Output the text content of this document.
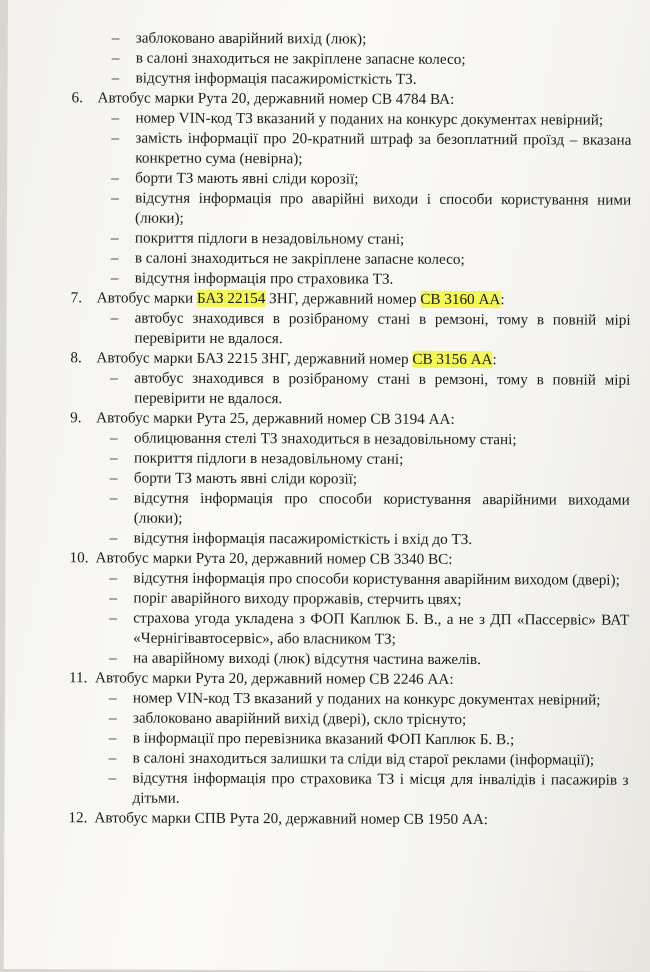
–	заблоковано аварійний вихід (люк);
–	в салоні знаходиться не закріплене запасне колесо;
–	відсутня інформація пасажиромісткість ТЗ.
6. Автобус марки Рута 20, державний номер СВ 4784 ВА:
–	номер VIN-код ТЗ вказаний у поданих на конкурс документах невірний;
–	замість інформації про 20-кратний штраф за безоплатний проїзд – вказана конкретно сума (невірна);
–	борти ТЗ мають явні сліди корозії;
–	відсутня інформація про аварійні виходи і способи користування ними (люки);
–	покриття підлоги в незадовільному стані;
–	в салоні знаходиться не закріплене запасне колесо;
–	відсутня інформація про страховика ТЗ.
7. Автобус марки БАЗ 22154 ЗНГ, державний номер СВ 3160 АА:
–	автобус знаходився в розібраному стані в ремзоні, тому в повній мірі перевірити не вдалося.
8. Автобус марки БАЗ 2215 ЗНГ, державний номер СВ 3156 АА:
–	автобус знаходився в розібраному стані в ремзоні, тому в повній мірі перевірити не вдалося.
9. Автобус марки Рута 25, державний номер СВ 3194 АА:
–	облицювання стелі ТЗ знаходиться в незадовільному стані;
–	покриття підлоги в незадовільному стані;
–	борти ТЗ мають явні сліди корозії;
–	відсутня інформація про способи користування аварійними виходами (люки);
–	відсутня інформація пасажиромісткість і вхід до ТЗ.
10. Автобус марки Рута 20, державний номер СВ 3340 ВС:
–	відсутня інформація про способи користування аварійним виходом (двері);
–	поріг аварійного виходу проржавів, стерчить цвях;
–	страхова угода укладена з ФОП Каплюк Б. В., а не з ДП «Пассервіс» ВАТ «Чернігівавтосервіс», або власником ТЗ;
–	на аварійному виході (люк) відсутня частина важелів.
11. Автобус марки Рута 20, державний номер СВ 2246 АА:
–	номер VIN-код ТЗ вказаний у поданих на конкурс документах невірний;
–	заблоковано аварійний вихід (двері), скло тріснуто;
–	в інформації про перевізника вказаний ФОП Каплюк Б. В.;
–	в салоні знаходиться залишки та сліди від старої реклами (інформації);
–	відсутня інформація про страховика ТЗ і місця для інвалідів і пасажирів з дітьми.
12. Автобус марки СПВ Рута 20, державний номер СВ 1950 АА:
